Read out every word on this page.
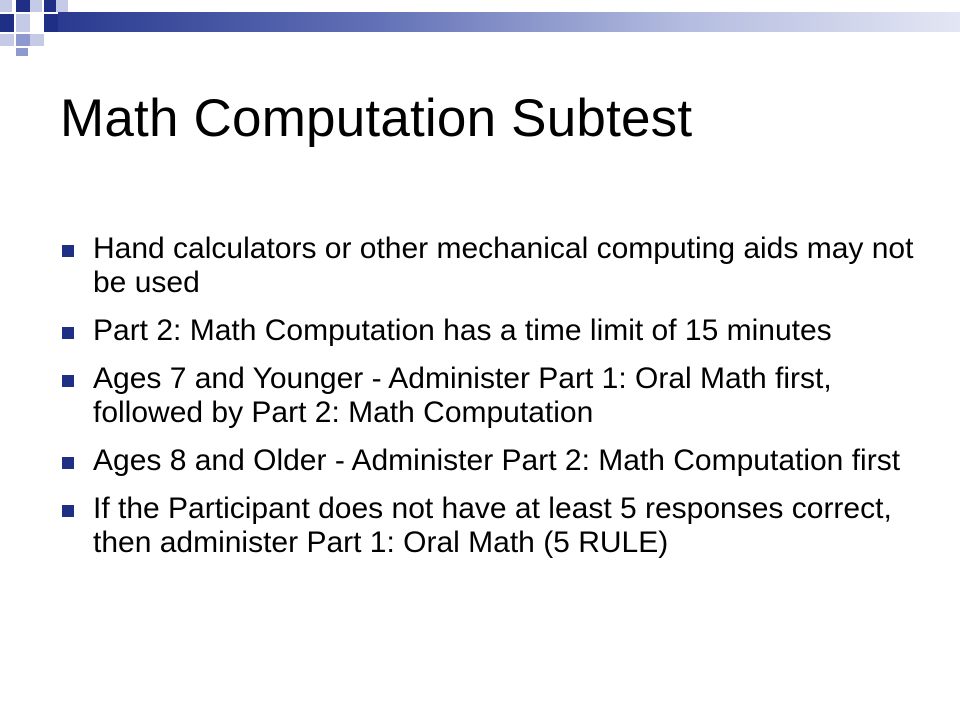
Math Computation Subtest
Hand calculators or other mechanical computing aids may not be used
Part 2: Math Computation has a time limit of 15 minutes
Ages 7 and Younger - Administer Part 1: Oral Math first, followed by Part 2: Math Computation
Ages 8 and Older - Administer Part 2: Math Computation first
If the Participant does not have at least 5 responses correct, then administer Part 1: Oral Math (5 RULE)
